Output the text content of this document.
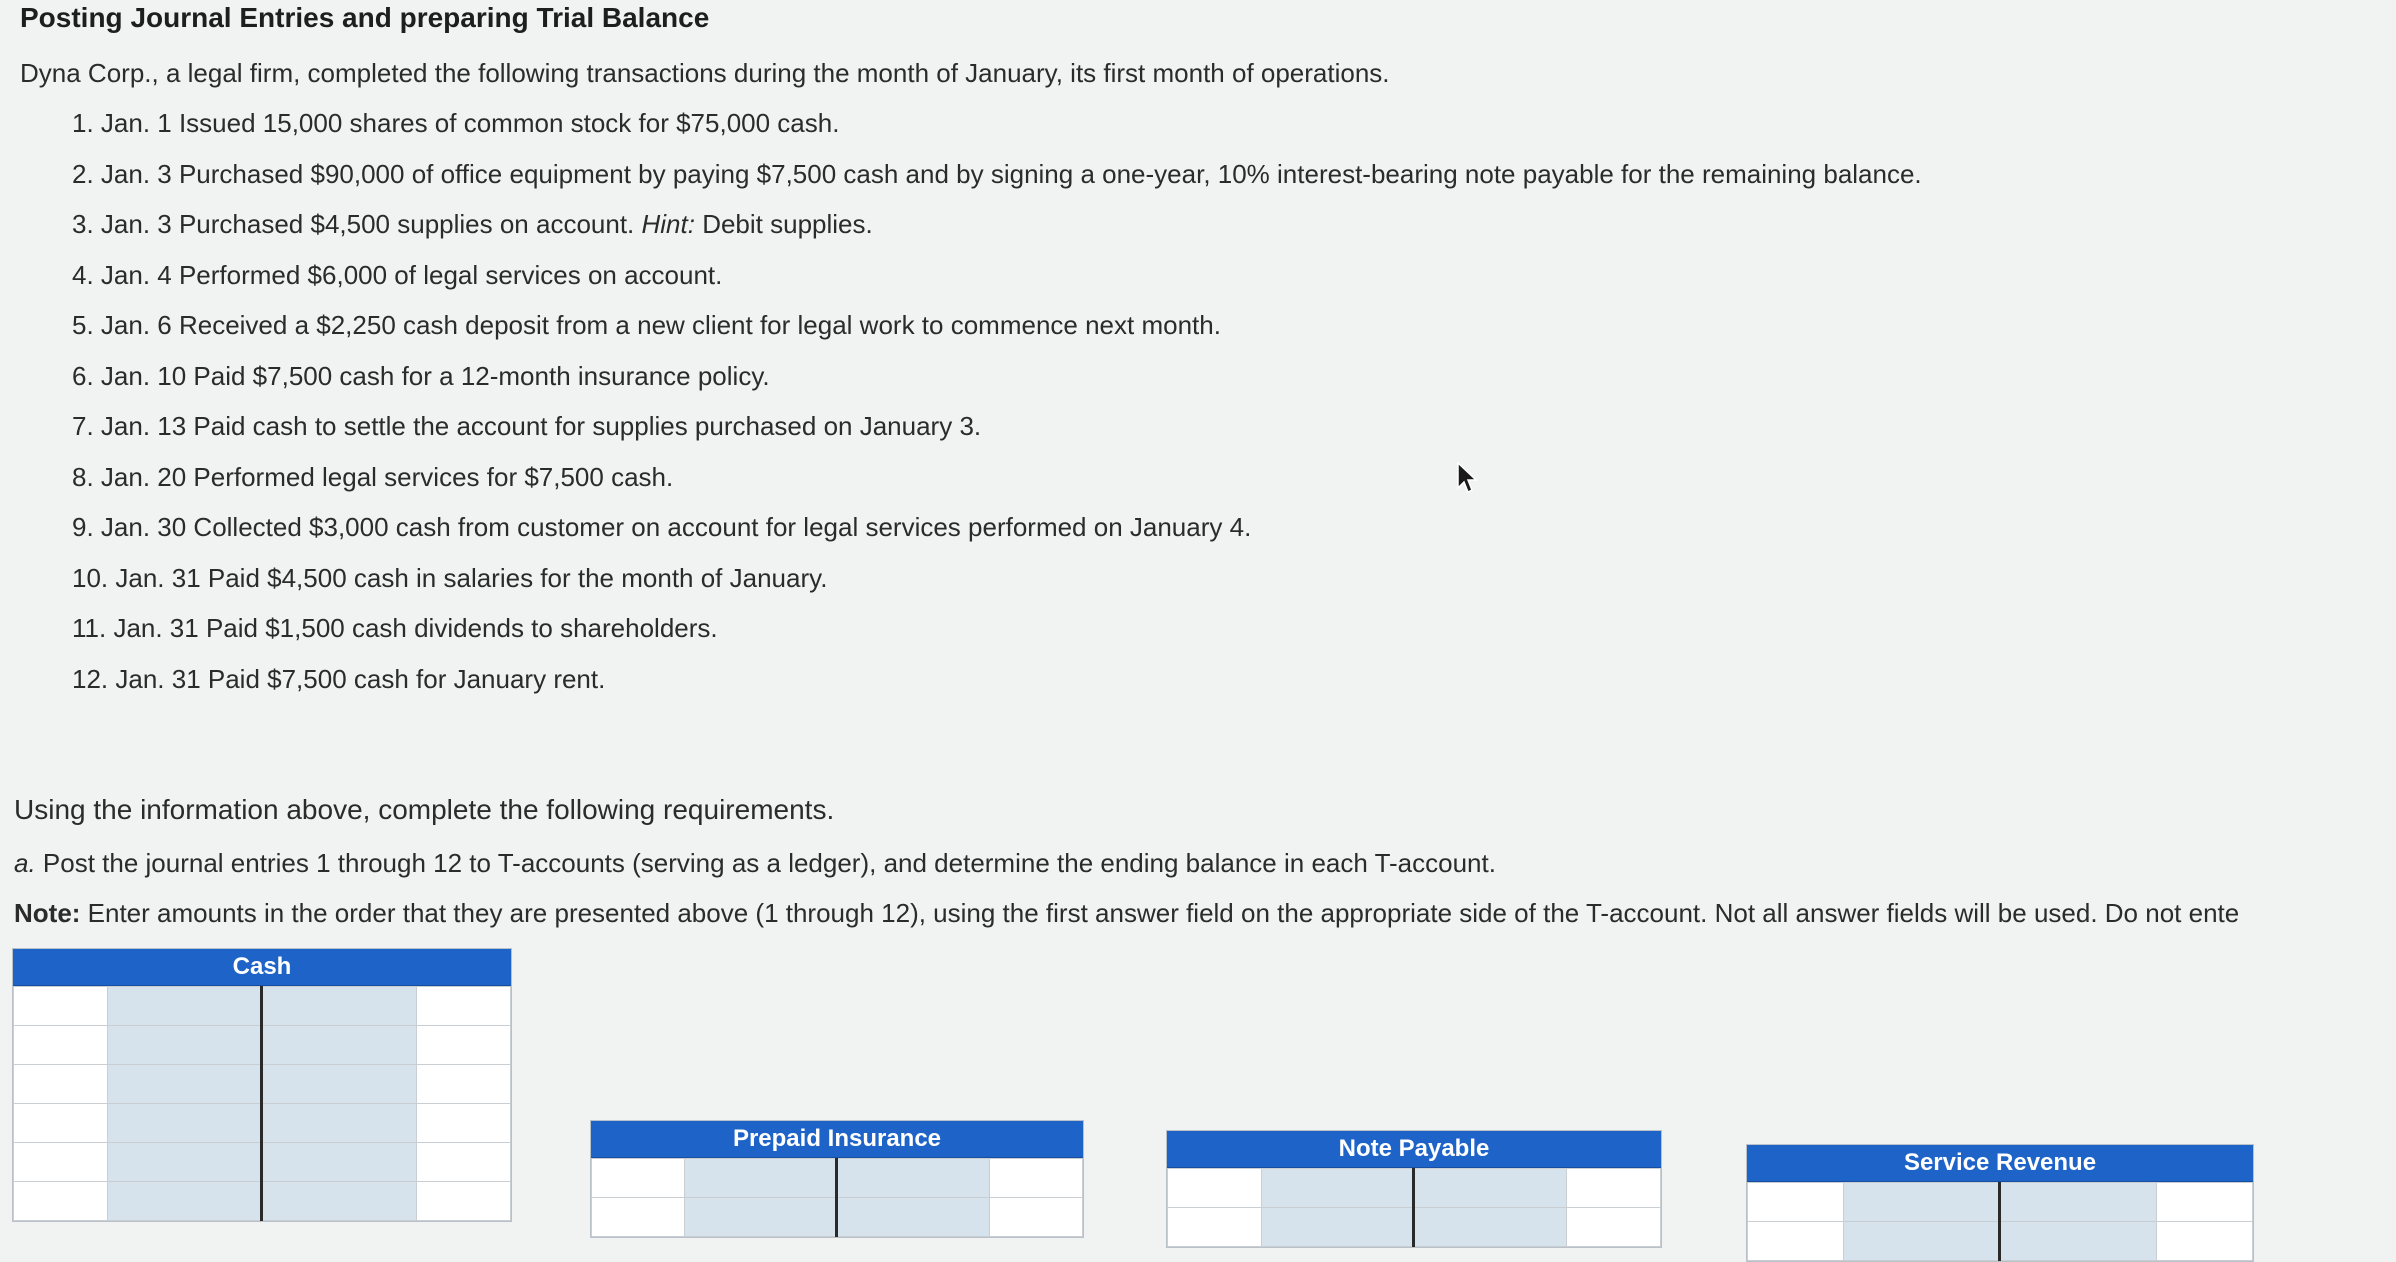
Posting Journal Entries and preparing Trial Balance
Dyna Corp., a legal firm, completed the following transactions during the month of January, its first month of operations.
1. Jan. 1 Issued 15,000 shares of common stock for $75,000 cash.
2. Jan. 3 Purchased $90,000 of office equipment by paying $7,500 cash and by signing a one-year, 10% interest-bearing note payable for the remaining balance.
3. Jan. 3 Purchased $4,500 supplies on account. Hint: Debit supplies.
4. Jan. 4 Performed $6,000 of legal services on account.
5. Jan. 6 Received a $2,250 cash deposit from a new client for legal work to commence next month.
6. Jan. 10 Paid $7,500 cash for a 12-month insurance policy.
7. Jan. 13 Paid cash to settle the account for supplies purchased on January 3.
8. Jan. 20 Performed legal services for $7,500 cash.
9. Jan. 30 Collected $3,000 cash from customer on account for legal services performed on January 4.
10. Jan. 31 Paid $4,500 cash in salaries for the month of January.
11. Jan. 31 Paid $1,500 cash dividends to shareholders.
12. Jan. 31 Paid $7,500 cash for January rent.
Using the information above, complete the following requirements.
a. Post the journal entries 1 through 12 to T-accounts (serving as a ledger), and determine the ending balance in each T-account.
Note: Enter amounts in the order that they are presented above (1 through 12), using the first answer field on the appropriate side of the T-account. Not all answer fields will be used. Do not ente
Cash

Prepaid Insurance

				Note Payable

Service Revenue
